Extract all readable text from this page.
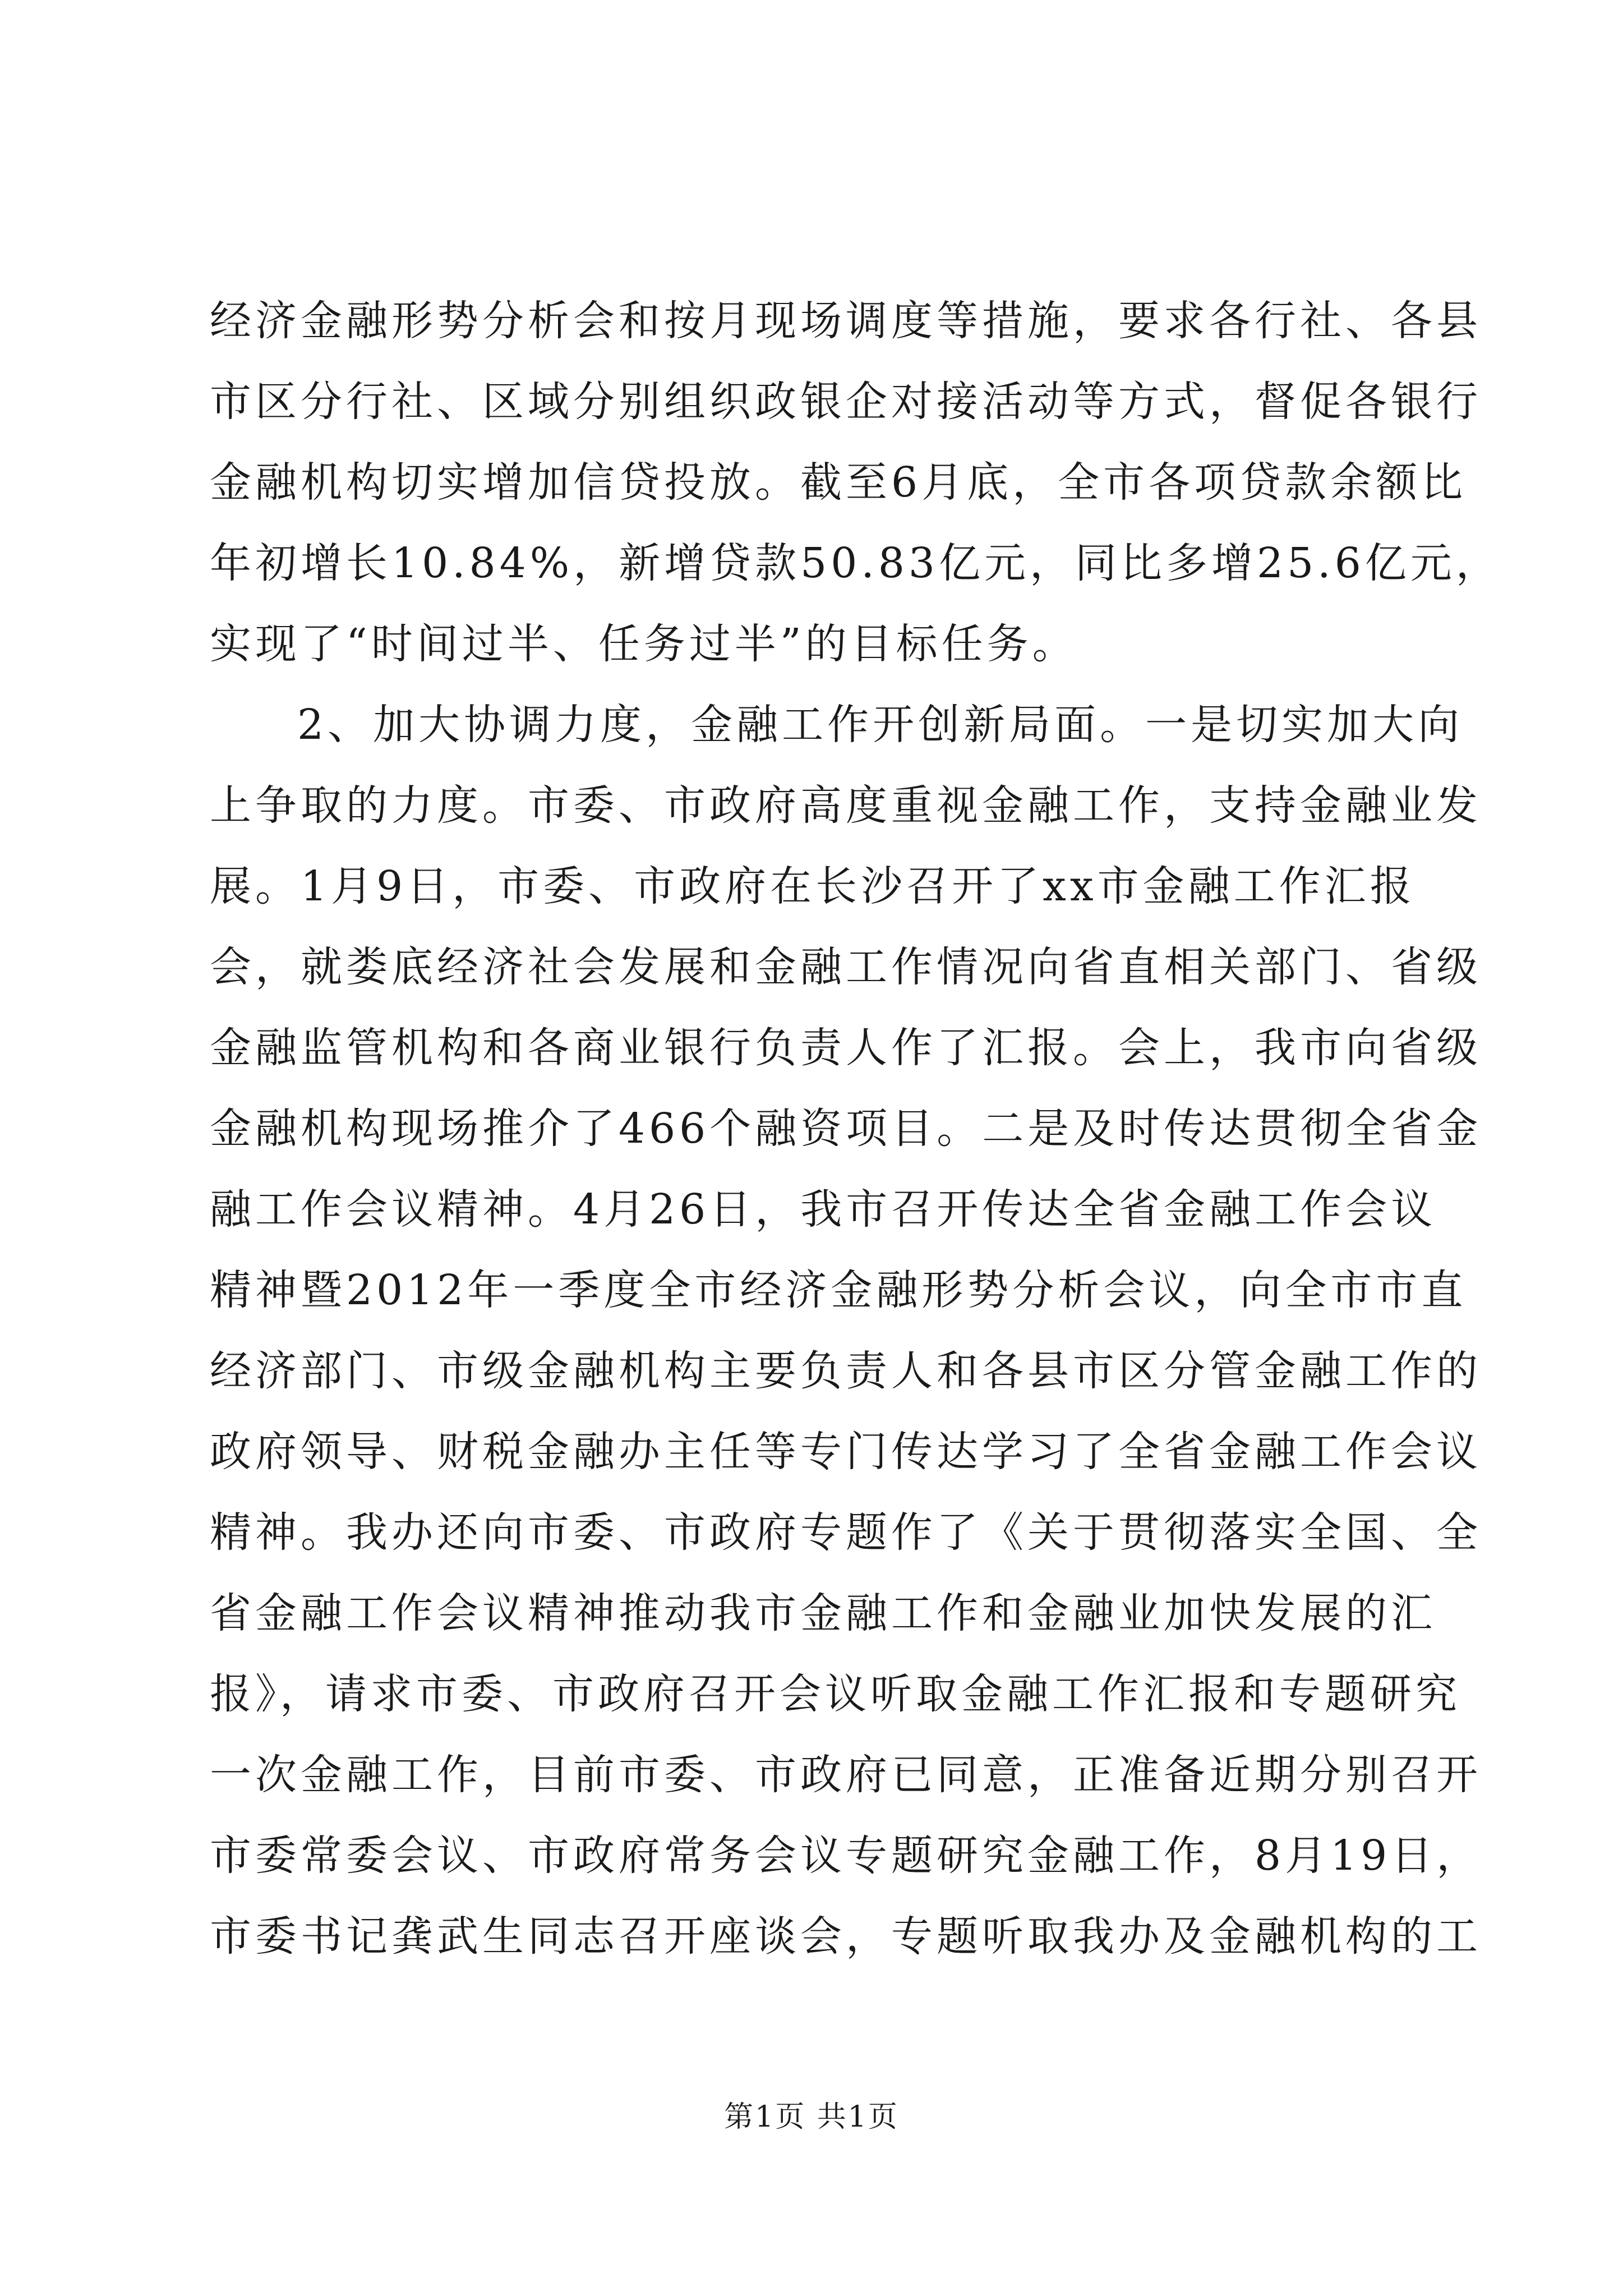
经济金融形势分析会和按月现场调度等措施，要求各行社、各县
市区分行社、区域分别组织政银企对接活动等方式，督促各银行
金融机构切实增加信贷投放。截至6月底，全市各项贷款余额比
年初增长10.84%，新增贷款50.83亿元，同比多增25.6亿元，
实现了“时间过半、任务过半”的目标任务。
2、加大协调力度，金融工作开创新局面。一是切实加大向
上争取的力度。市委、市政府高度重视金融工作，支持金融业发
展。1月9日，市委、市政府在长沙召开了xx市金融工作汇报
会，就娄底经济社会发展和金融工作情况向省直相关部门、省级
金融监管机构和各商业银行负责人作了汇报。会上，我市向省级
金融机构现场推介了466个融资项目。二是及时传达贯彻全省金
融工作会议精神。4月26日，我市召开传达全省金融工作会议
精神暨2012年一季度全市经济金融形势分析会议，向全市市直
经济部门、市级金融机构主要负责人和各县市区分管金融工作的
政府领导、财税金融办主任等专门传达学习了全省金融工作会议
精神。我办还向市委、市政府专题作了《关于贯彻落实全国、全
省金融工作会议精神推动我市金融工作和金融业加快发展的汇
报》，请求市委、市政府召开会议听取金融工作汇报和专题研究
一次金融工作，目前市委、市政府已同意，正准备近期分别召开
市委常委会议、市政府常务会议专题研究金融工作，8月19日，
市委书记龚武生同志召开座谈会，专题听取我办及金融机构的工
第1页 共1页
